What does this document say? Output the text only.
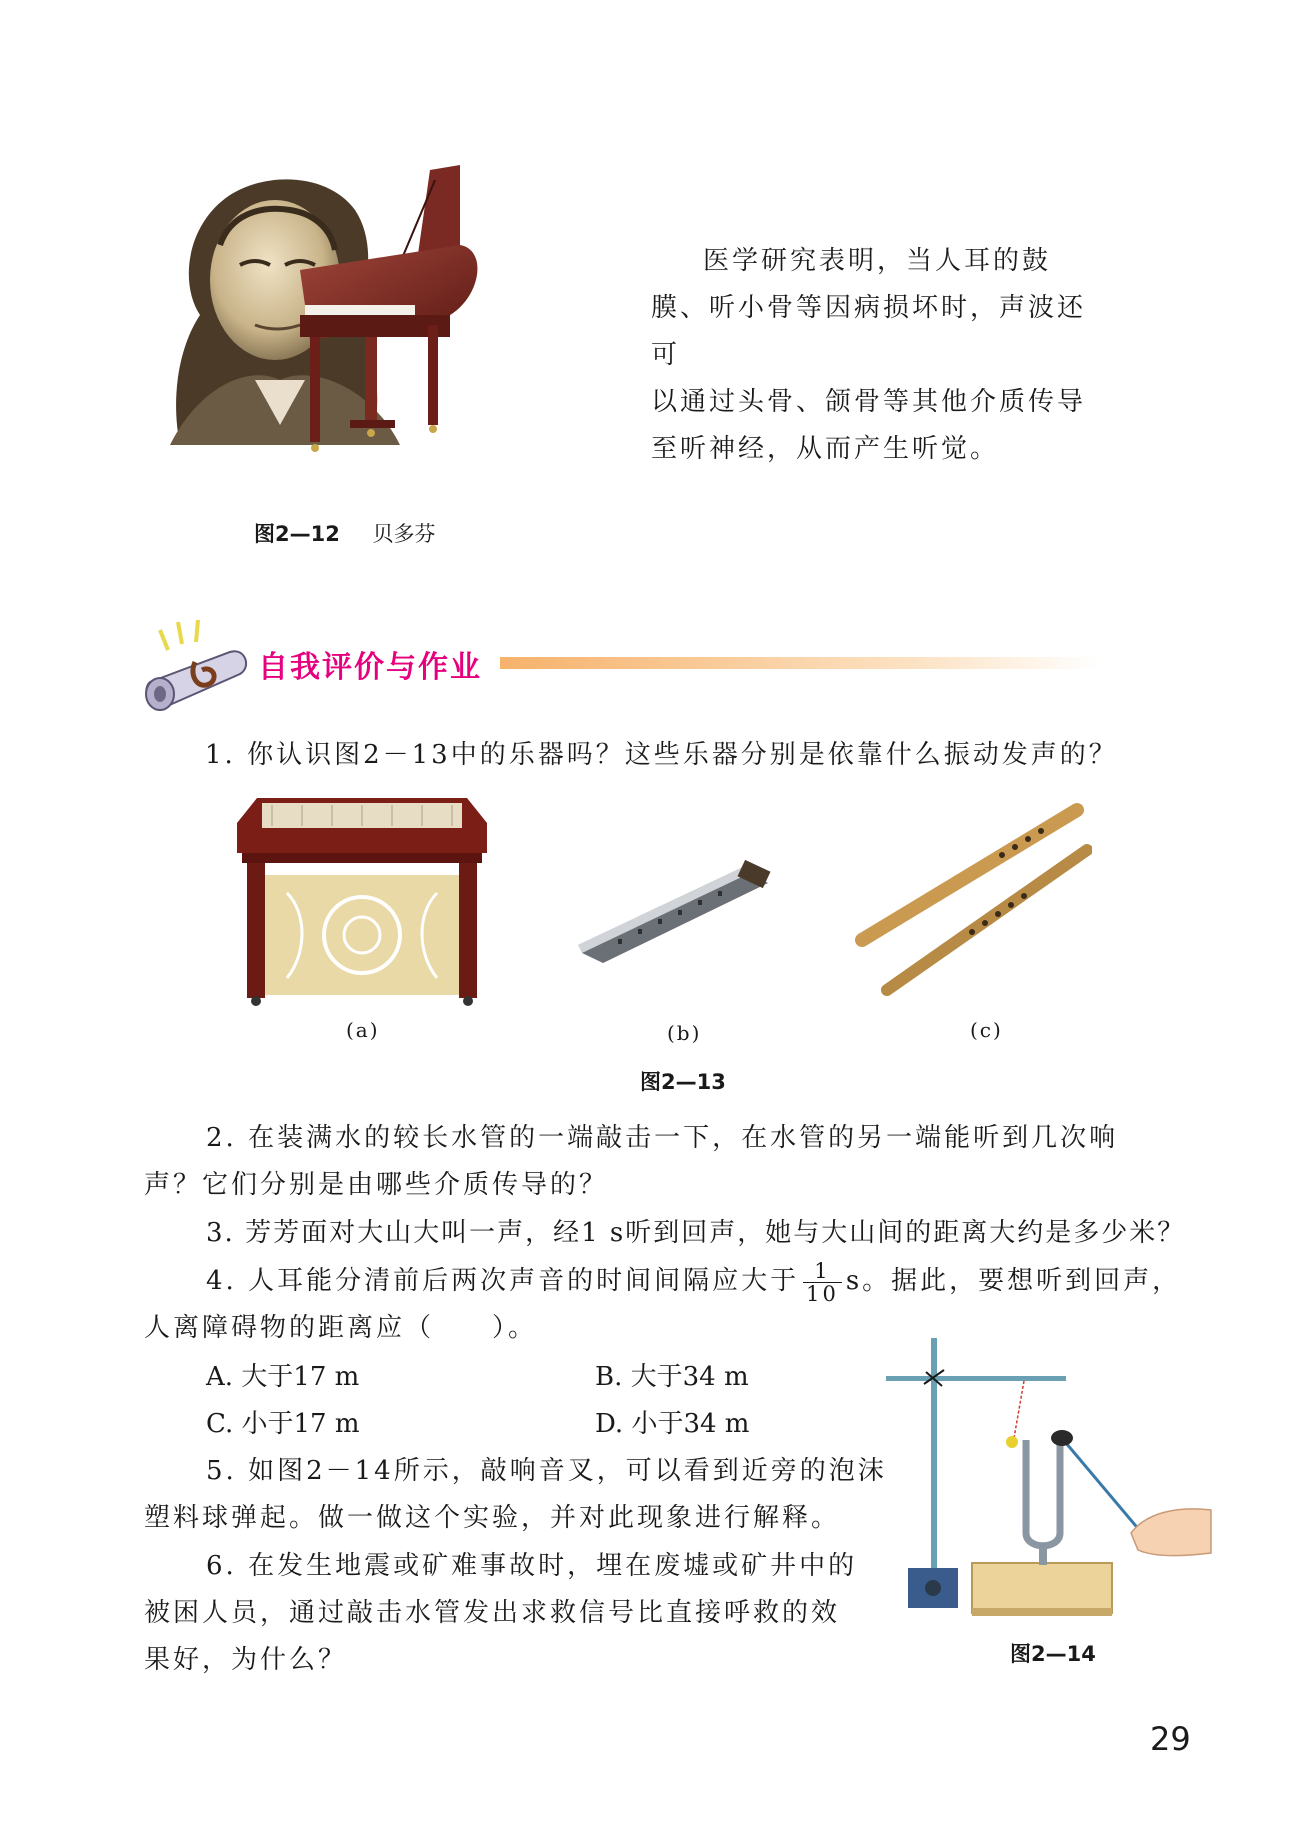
医学研究表明，当人耳的鼓
膜、听小骨等因病损坏时，声波还可
以通过头骨、颌骨等其他介质传导
至听神经，从而产生听觉。
图2—12 贝多芬
自我评价与作业
1. 你认识图2－13中的乐器吗？这些乐器分别是依靠什么振动发声的？
(a)	(b)	(c)
图2—13
2. 在装满水的较长水管的一端敲击一下，在水管的另一端能听到几次响
声？它们分别是由哪些介质传导的？
3. 芳芳面对大山大叫一声，经1 s听到回声，她与大山间的距离大约是多少米？
4. 人耳能分清前后两次声音的时间间隔应大于 $\frac{1}{10}$ s。据此，要想听到回声，
人离障碍物的距离应（　　）。
A. 大于17 m	B. 大于34 m
C. 小于17 m	D. 小于34 m
5. 如图2－14所示，敲响音叉，可以看到近旁的泡沫
塑料球弹起。做一做这个实验，并对此现象进行解释。
6. 在发生地震或矿难事故时，埋在废墟或矿井中的
被困人员，通过敲击水管发出求救信号比直接呼救的效
果好，为什么？	图2—14
29
